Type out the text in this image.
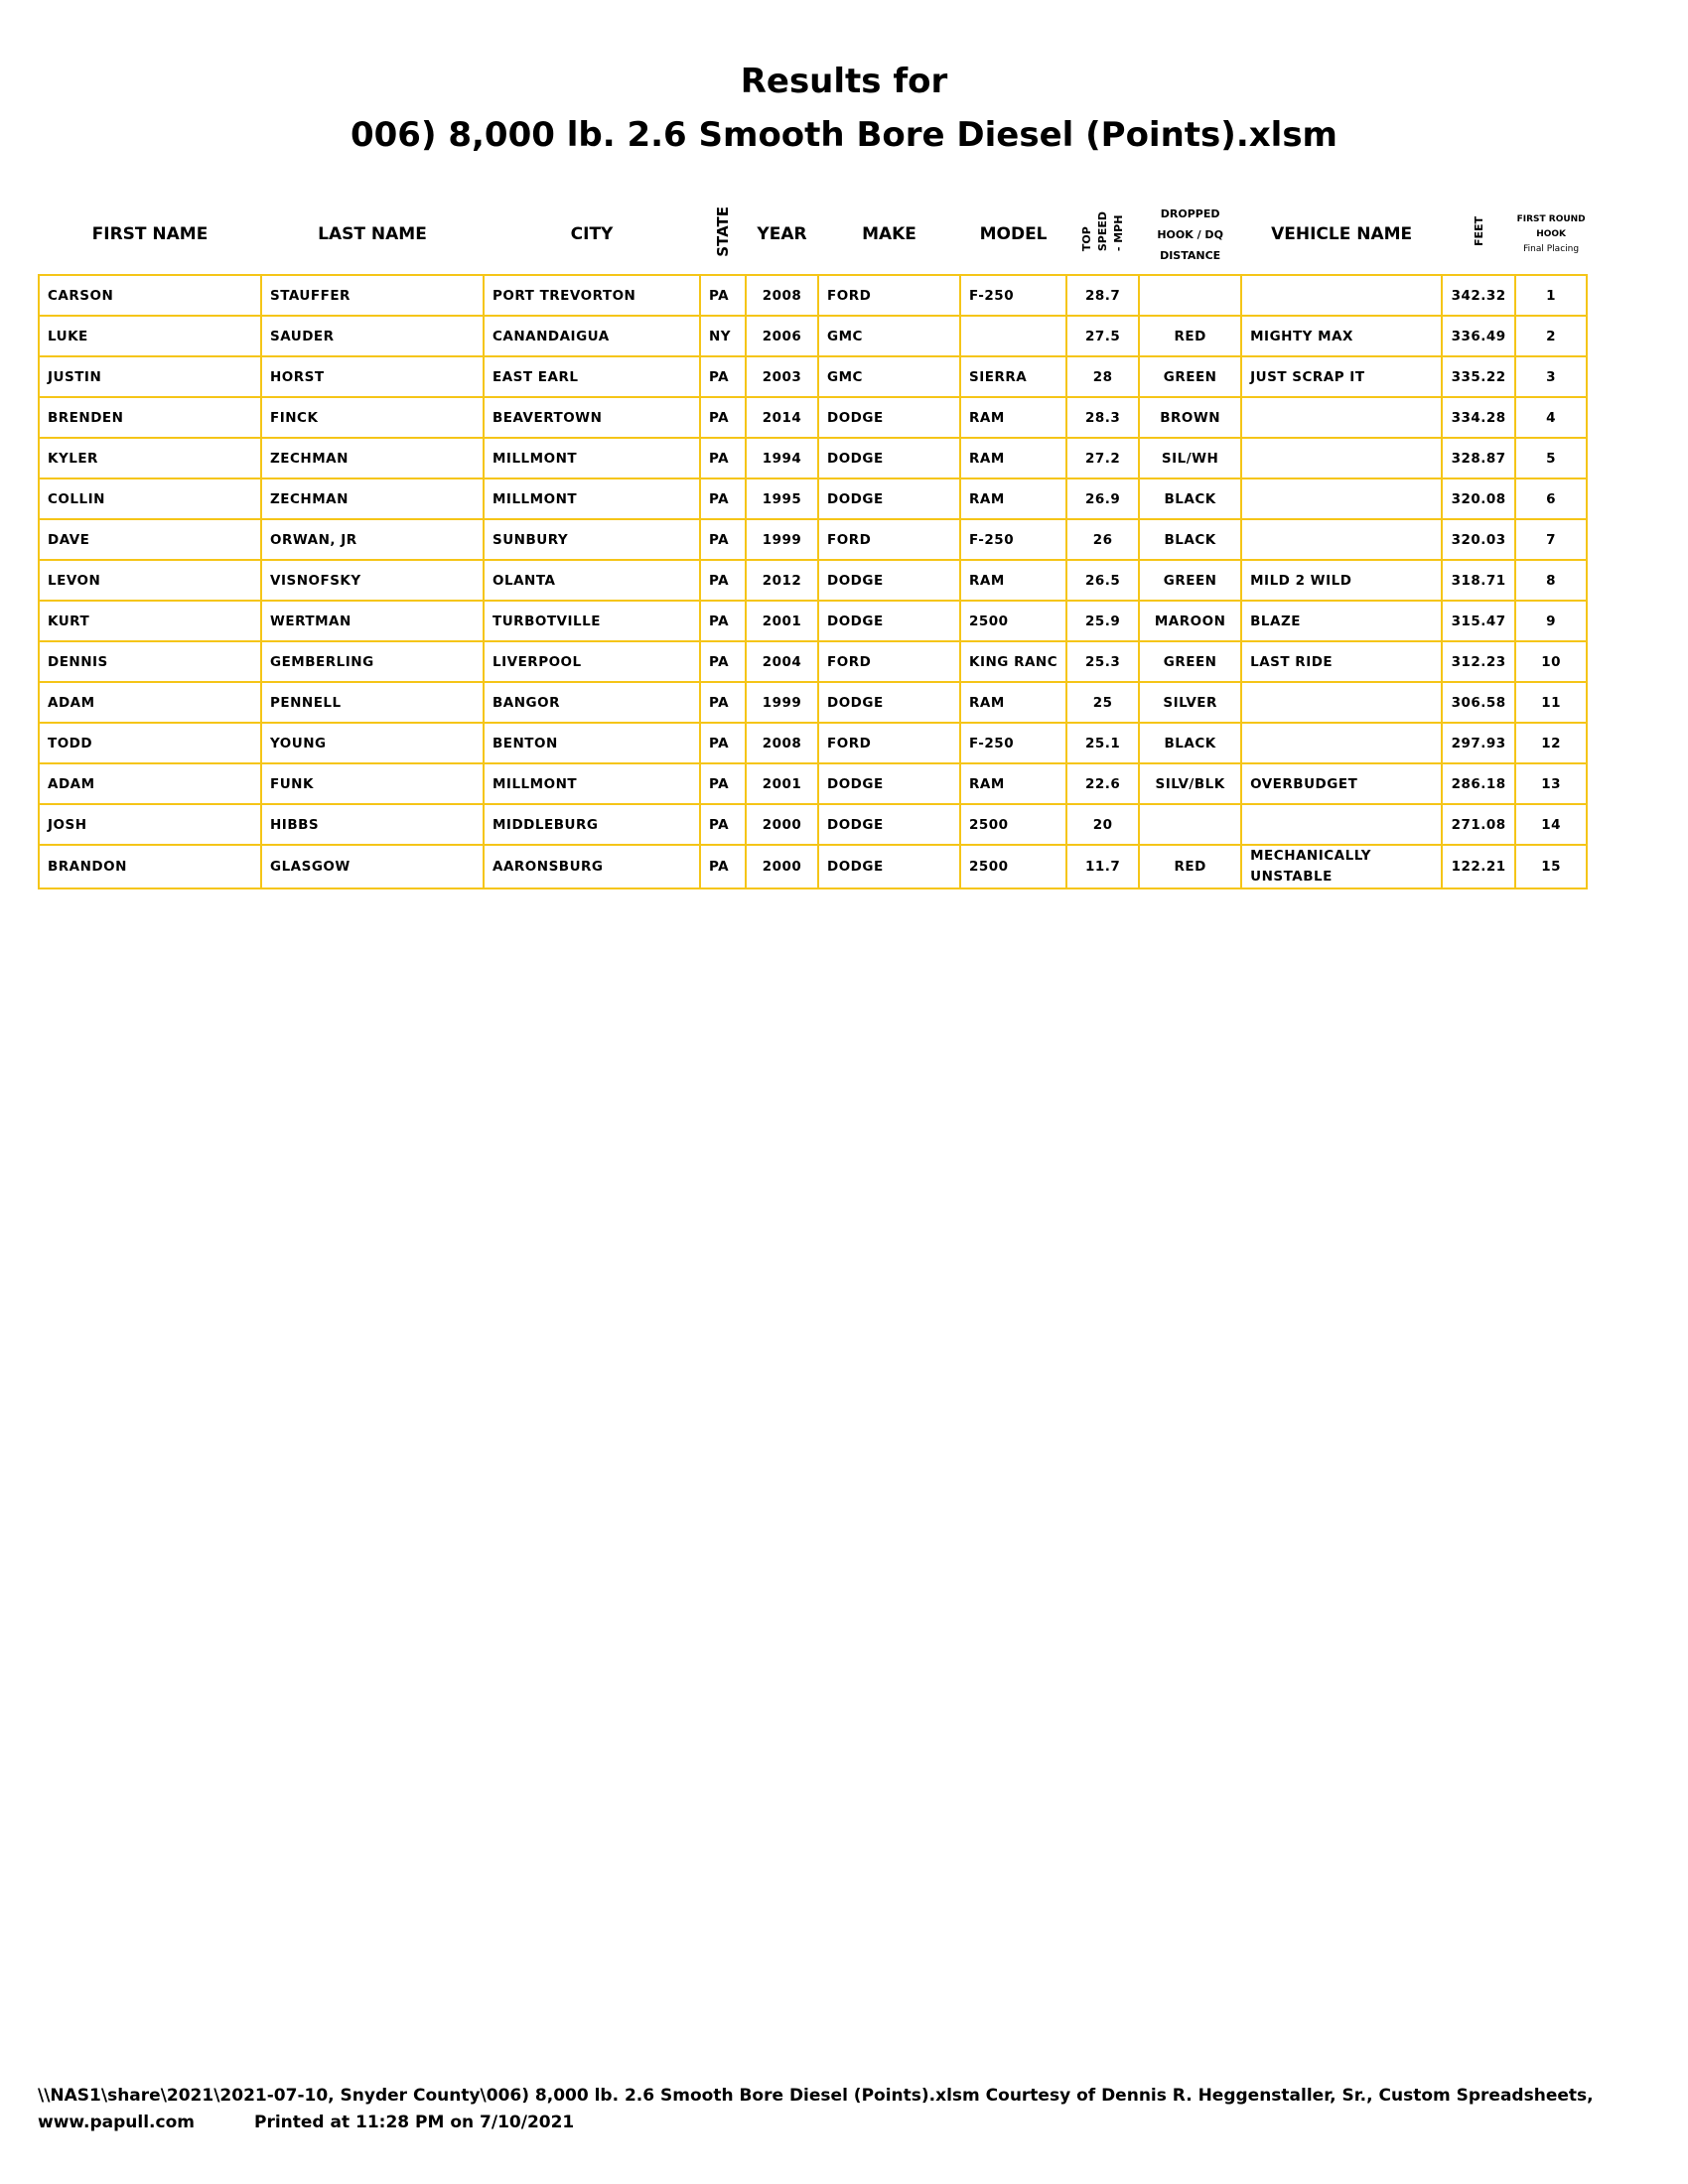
Results for
006) 8,000 lb. 2.6 Smooth Bore Diesel (Points).xlsm
FIRST NAME	LAST NAME	CITY	STATE	YEAR	MAKE	MODEL	TOP SPEED - MPH	DROPPED
HOOK / DQ
DISTANCE	VEHICLE NAME	FEET	FIRST ROUND
HOOK
Final Placing
CARSON	STAUFFER	PORT TREVORTON	PA	2008	FORD	F-250	28.7			342.32	1
LUKE	SAUDER	CANANDAIGUA	NY	2006	GMC		27.5	RED	MIGHTY MAX	336.49	2
JUSTIN	HORST	EAST EARL	PA	2003	GMC	SIERRA	28	GREEN	JUST SCRAP IT	335.22	3
BRENDEN	FINCK	BEAVERTOWN	PA	2014	DODGE	RAM	28.3	BROWN		334.28	4
KYLER	ZECHMAN	MILLMONT	PA	1994	DODGE	RAM	27.2	SIL/WH		328.87	5
COLLIN	ZECHMAN	MILLMONT	PA	1995	DODGE	RAM	26.9	BLACK		320.08	6
DAVE	ORWAN, JR	SUNBURY	PA	1999	FORD	F-250	26	BLACK		320.03	7
LEVON	VISNOFSKY	OLANTA	PA	2012	DODGE	RAM	26.5	GREEN	MILD 2 WILD	318.71	8
KURT	WERTMAN	TURBOTVILLE	PA	2001	DODGE	2500	25.9	MAROON	BLAZE	315.47	9
DENNIS	GEMBERLING	LIVERPOOL	PA	2004	FORD	KING RANC	25.3	GREEN	LAST RIDE	312.23	10
ADAM	PENNELL	BANGOR	PA	1999	DODGE	RAM	25	SILVER		306.58	11
TODD	YOUNG	BENTON	PA	2008	FORD	F-250	25.1	BLACK		297.93	12
ADAM	FUNK	MILLMONT	PA	2001	DODGE	RAM	22.6	SILV/BLK	OVERBUDGET	286.18	13
JOSH	HIBBS	MIDDLEBURG	PA	2000	DODGE	2500	20			271.08	14
BRANDON	GLASGOW	AARONSBURG	PA	2000	DODGE	2500	11.7	RED	MECHANICALLY UNSTABLE	122.21	15
\\NAS1\share\2021\2021-07-10, Snyder County\006) 8,000 lb. 2.6 Smooth Bore Diesel (Points).xlsm Courtesy of Dennis R. Heggenstaller, Sr., Custom Spreadsheets,
www.papull.com	Printed at 11:28 PM on 7/10/2021
